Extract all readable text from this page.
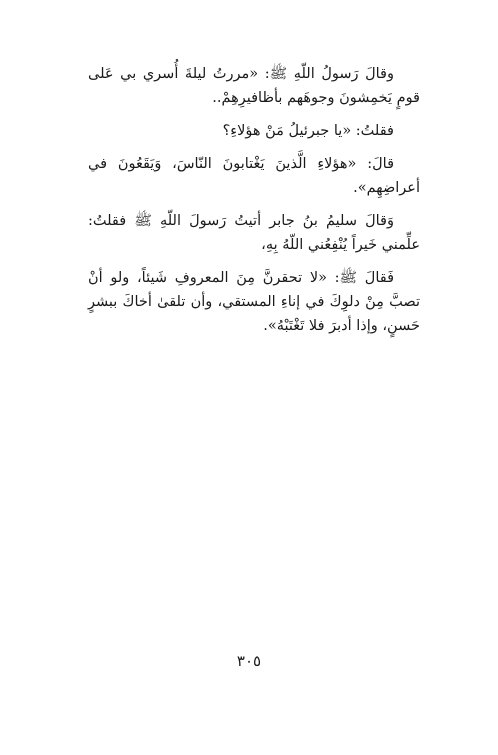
وقالَ رَسولُ اللّهِ ﷺ: «مررتُ ليلةَ أُسري بي عَلى قومٍ يَخمِشونَ وجوهَهم بأظافيرِهِمْ..

فقلتُ: «يا جبرئيلُ مَنْ هؤلاءِ؟

قالَ: «هؤلاءِ الَّذينَ يَغْتابونَ النّاسَ، وَيَقَعُونَ في أعراضِهِم».

وَقالَ سليمُ بنُ جابر أتيتُ رَسولَ اللّهِ ﷺ فقلتُ: علِّمني خَيراً يُنْفِعُني اللّهُ بِهِ،

فَقالَ ﷺ: «لا تحقرنَّ مِنَ المعروفِ شَيئاً، ولو أنْ تصبَّ مِنْ دلوِكَ في إناءِ المستقي، وأن تلقىٰ أخاكَ ببشرٍ حَسنٍ، وإذا أدبرَ فلا تَغْتَبْهُ».

٣٠٥
